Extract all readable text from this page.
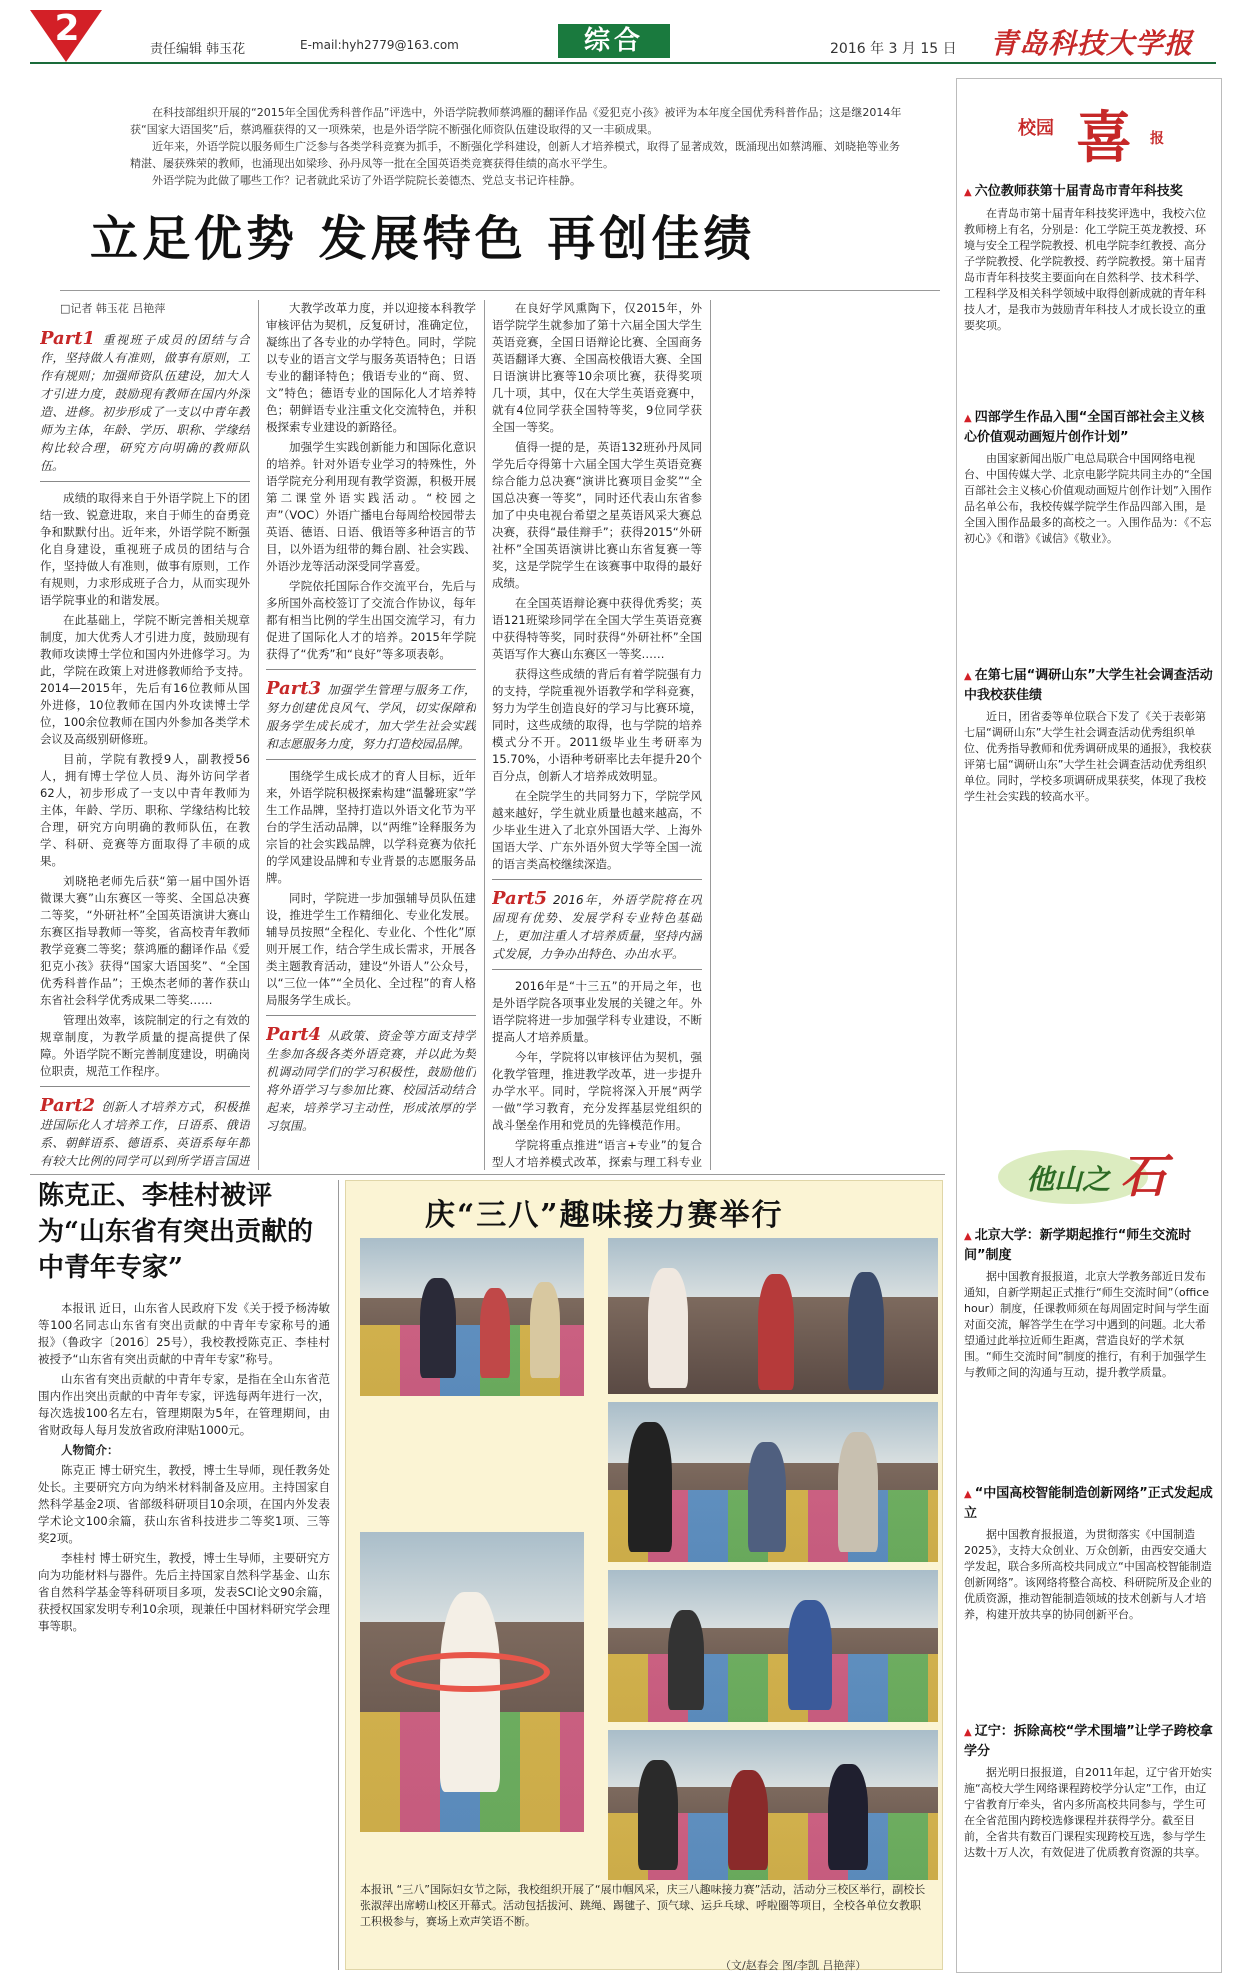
2
责任编辑 韩玉花	E-mail:hyh2779@163.com	综合	2016 年 3 月 15 日 青岛科技大学报

在科技部组织开展的“2015年全国优秀科普作品”评选中，外语学院教师蔡鸿雁的翻译作品《爱犯克小孩》被评为本年度全国优秀科普作品；这是继2014年获“国家大语国奖”后，蔡鸿雁获得的又一项殊荣，也是外语学院不断强化师资队伍建设取得的又一丰硕成果。

近年来，外语学院以服务师生广泛参与各类学科竞赛为抓手，不断强化学科建设，创新人才培养模式，取得了显著成效，既涌现出如蔡鸿雁、刘晓艳等业务精湛、屡获殊荣的教师，也涌现出如梁珍、孙丹凤等一批在全国英语类竞赛获得佳绩的高水平学生。

外语学院为此做了哪些工作？记者就此采访了外语学院院长姜德杰、党总支书记许桂静。

立足优势 发展特色 再创佳绩
□记者 韩玉花 吕艳萍

Part1 重视班子成员的团结与合作，坚持做人有准则，做事有原则，工作有规则；加强师资队伍建设，加大人才引进力度，鼓励现有教师在国内外深造、进修。初步形成了一支以中青年教师为主体，年龄、学历、职称、学缘结构比较合理，研究方向明确的教师队伍。

成绩的取得来自于外语学院上下的团结一致、锐意进取，来自于师生的奋勇竞争和默默付出。近年来，外语学院不断强化自身建设，重视班子成员的团结与合作，坚持做人有准则，做事有原则，工作有规则，力求形成班子合力，从而实现外语学院事业的和谐发展。

在此基础上，学院不断完善相关规章制度，加大优秀人才引进力度，鼓励现有教师攻读博士学位和国内外进修学习。为此，学院在政策上对进修教师给予支持。2014—2015年，先后有16位教师从国外进修，10位教师在国内外攻读博士学位，100余位教师在国内外参加各类学术会议及高级别研修班。

目前，学院有教授9人，副教授56人，拥有博士学位人员、海外访问学者62人，初步形成了一支以中青年教师为主体，年龄、学历、职称、学缘结构比较合理，研究方向明确的教师队伍，在教学、科研、竞赛等方面取得了丰硕的成果。

刘晓艳老师先后获“第一届中国外语微课大赛”山东赛区一等奖、全国总决赛二等奖，“外研社杯”全国英语演讲大赛山东赛区指导教师一等奖，省高校青年教师教学竞赛二等奖；蔡鸿雁的翻译作品《爱犯克小孩》获得“国家大语国奖”、“全国优秀科普作品”；王焕杰老师的著作获山东省社会科学优秀成果二等奖……

管理出效率，该院制定的行之有效的规章制度，为教学质量的提高提供了保障。外语学院不断完善制度建设，明确岗位职责，规范工作程序。

Part2 创新人才培养方式，积极推进国际化人才培养工作，日语系、俄语系、朝鲜语系、德语系、英语系每年都有较大比例的同学可以到所学语言国进

大教学改革力度，并以迎接本科教学审核评估为契机，反复研讨，准确定位，凝练出了各专业的办学特色。同时，学院以专业的语言文学与服务英语特色；日语专业的翻译特色；俄语专业的“商、贸、文”特色；德语专业的国际化人才培养特色；朝鲜语专业注重文化交流特色，并积极探索专业建设的新路径。

加强学生实践创新能力和国际化意识的培养。针对外语专业学习的特殊性，外语学院充分利用现有教学资源，积极开展第二课堂外语实践活动。“校园之声”（VOC）外语广播电台每周给校园带去英语、德语、日语、俄语等多种语言的节目，以外语为纽带的舞台剧、社会实践、外语沙龙等活动深受同学喜爱。

学院依托国际合作交流平台，先后与多所国外高校签订了交流合作协议，每年都有相当比例的学生出国交流学习，有力促进了国际化人才的培养。2015年学院获得了“优秀”和“良好”等多项表彰。

Part3 加强学生管理与服务工作，努力创建优良风气、学风，切实保障和服务学生成长成才，加大学生社会实践和志愿服务力度，努力打造校园品牌。

围绕学生成长成才的育人目标，近年来，外语学院积极探索构建“温馨班家”学生工作品牌，坚持打造以外语文化节为平台的学生活动品牌，以“两维”诠释服务为宗旨的社会实践品牌，以学科竞赛为依托的学风建设品牌和专业背景的志愿服务品牌。

同时，学院进一步加强辅导员队伍建设，推进学生工作精细化、专业化发展。辅导员按照“全程化、专业化、个性化”原则开展工作，结合学生成长需求，开展各类主题教育活动，建设“外语人”公众号，以“三位一体”“全员化、全过程”的育人格局服务学生成长。

Part4 从政策、资金等方面支持学生参加各级各类外语竞赛，并以此为契机调动同学们的学习积极性，鼓励他们将外语学习与参加比赛、校园活动结合起来，培养学习主动性，形成浓厚的学习氛围。

在良好学风熏陶下，仅2015年，外语学院学生就参加了第十六届全国大学生英语竞赛，全国日语辩论比赛、全国商务英语翻译大赛、全国高校俄语大赛、全国日语演讲比赛等10余项比赛，获得奖项几十项，其中，仅在大学生英语竞赛中，就有4位同学获全国特等奖，9位同学获全国一等奖。

值得一提的是，英语132班孙丹凤同学先后夺得第十六届全国大学生英语竞赛综合能力总决赛“演讲比赛项目金奖”“全国总决赛一等奖”，同时还代表山东省参加了中央电视台希望之星英语风采大赛总决赛，获得“最佳辩手”；获得2015“外研社杯”全国英语演讲比赛山东省复赛一等奖，这是学院学生在该赛事中取得的最好成绩。

在全国英语辩论赛中获得优秀奖；英语121班梁珍同学在全国大学生英语竞赛中获得特等奖，同时获得“外研社杯”全国英语写作大赛山东赛区一等奖……

获得这些成绩的背后有着学院强有力的支持，学院重视外语教学和学科竞赛，努力为学生创造良好的学习与比赛环境，同时，这些成绩的取得，也与学院的培养模式分不开。2011级毕业生考研率为15.70%，小语种考研率比去年提升20个百分点，创新人才培养成效明显。

在全院学生的共同努力下，学院学风越来越好，学生就业质量也越来越高，不少毕业生进入了北京外国语大学、上海外国语大学、广东外语外贸大学等全国一流的语言类高校继续深造。

Part5 2016年，外语学院将在巩固现有优势、发展学科专业特色基础上，更加注重人才培养质量，坚持内涵式发展，力争办出特色、办出水平。

2016年是“十三五”的开局之年，也是外语学院各项事业发展的关键之年。外语学院将进一步加强学科专业建设，不断提高人才培养质量。

今年，学院将以审核评估为契机，强化教学管理，推进教学改革，进一步提升办学水平。同时，学院将深入开展“两学一做”学习教育，充分发挥基层党组织的战斗堡垒作用和党员的先锋模范作用。

学院将重点推进“语言+专业”的复合型人才培养模式改革，探索与理工科专业

陈克正、李桂村被评为“山东省有突出贡献的中青年专家”

本报讯 近日，山东省人民政府下发《关于授予杨涛敏等100名同志山东省有突出贡献的中青年专家称号的通报》（鲁政字〔2016〕25号），我校教授陈克正、李桂村被授予“山东省有突出贡献的中青年专家”称号。

山东省有突出贡献的中青年专家，是指在全山东省范围内作出突出贡献的中青年专家，评选每两年进行一次，每次选拔100名左右，管理期限为5年，在管理期间，由省财政每人每月发放省政府津贴1000元。

人物简介：

陈克正 博士研究生，教授，博士生导师，现任教务处处长。主要研究方向为纳米材料制备及应用。主持国家自然科学基金2项、省部级科研项目10余项，在国内外发表学术论文100余篇，获山东省科技进步二等奖1项、三等奖2项。

李桂村 博士研究生，教授，博士生导师，主要研究方向为功能材料与器件。先后主持国家自然科学基金、山东省自然科学基金等科研项目多项，发表SCI论文90余篇，获授权国家发明专利10余项，现兼任中国材料研究学会理事等职。

庆“三八”趣味接力赛举行
本报讯 “三八”国际妇女节之际，我校组织开展了“展巾帼风采，庆三八趣味接力赛”活动，活动分三校区举行，副校长张淑萍出席崂山校区开幕式。活动包括拔河、跳绳、踢毽子、顶气球、运乒乓球、呼啦圈等项目，全校各单位女教职工积极参与，赛场上欢声笑语不断。
（文/赵春会 图/李凯 吕艳萍）
校园 喜 报
▲ 六位教师获第十届青岛市青年科技奖

在青岛市第十届青年科技奖评选中，我校六位教师榜上有名，分别是：化工学院王英龙教授、环境与安全工程学院教授、机电学院李红教授、高分子学院教授、化学院教授、药学院教授。第十届青岛市青年科技奖主要面向在自然科学、技术科学、工程科学及相关科学领域中取得创新成就的青年科技人才，是我市为鼓励青年科技人才成长设立的重要奖项。

▲ 四部学生作品入围“全国百部社会主义核心价值观动画短片创作计划”

由国家新闻出版广电总局联合中国网络电视台、中国传媒大学、北京电影学院共同主办的“全国百部社会主义核心价值观动画短片创作计划”入围作品名单公布，我校传媒学院学生作品四部入围，是全国入围作品最多的高校之一。入围作品为：《不忘初心》《和谐》《诚信》《敬业》。

▲ 在第七届“调研山东”大学生社会调查活动中我校获佳绩

近日，团省委等单位联合下发了《关于表彰第七届“调研山东”大学生社会调查活动优秀组织单位、优秀指导教师和优秀调研成果的通报》，我校获评第七届“调研山东”大学生社会调查活动优秀组织单位。同时，学校多项调研成果获奖，体现了我校学生社会实践的较高水平。

他山之 石
▲ 北京大学：新学期起推行“师生交流时间”制度

据中国教育报报道，北京大学教务部近日发布通知，自新学期起正式推行“师生交流时间”（office hour）制度，任课教师须在每周固定时间与学生面对面交流，解答学生在学习中遇到的问题。北大希望通过此举拉近师生距离，营造良好的学术氛围。“师生交流时间”制度的推行，有利于加强学生与教师之间的沟通与互动，提升教学质量。

▲ “中国高校智能制造创新网络”正式发起成立

据中国教育报报道，为贯彻落实《中国制造2025》，支持大众创业、万众创新，由西安交通大学发起，联合多所高校共同成立“中国高校智能制造创新网络”。该网络将整合高校、科研院所及企业的优质资源，推动智能制造领域的技术创新与人才培养，构建开放共享的协同创新平台。

▲ 辽宁：拆除高校“学术围墙”让学子跨校拿学分

据光明日报报道，自2011年起，辽宁省开始实施“高校大学生网络课程跨校学分认定”工作，由辽宁省教育厅牵头，省内多所高校共同参与，学生可在全省范围内跨校选修课程并获得学分。截至目前，全省共有数百门课程实现跨校互选，参与学生达数十万人次，有效促进了优质教育资源的共享。
